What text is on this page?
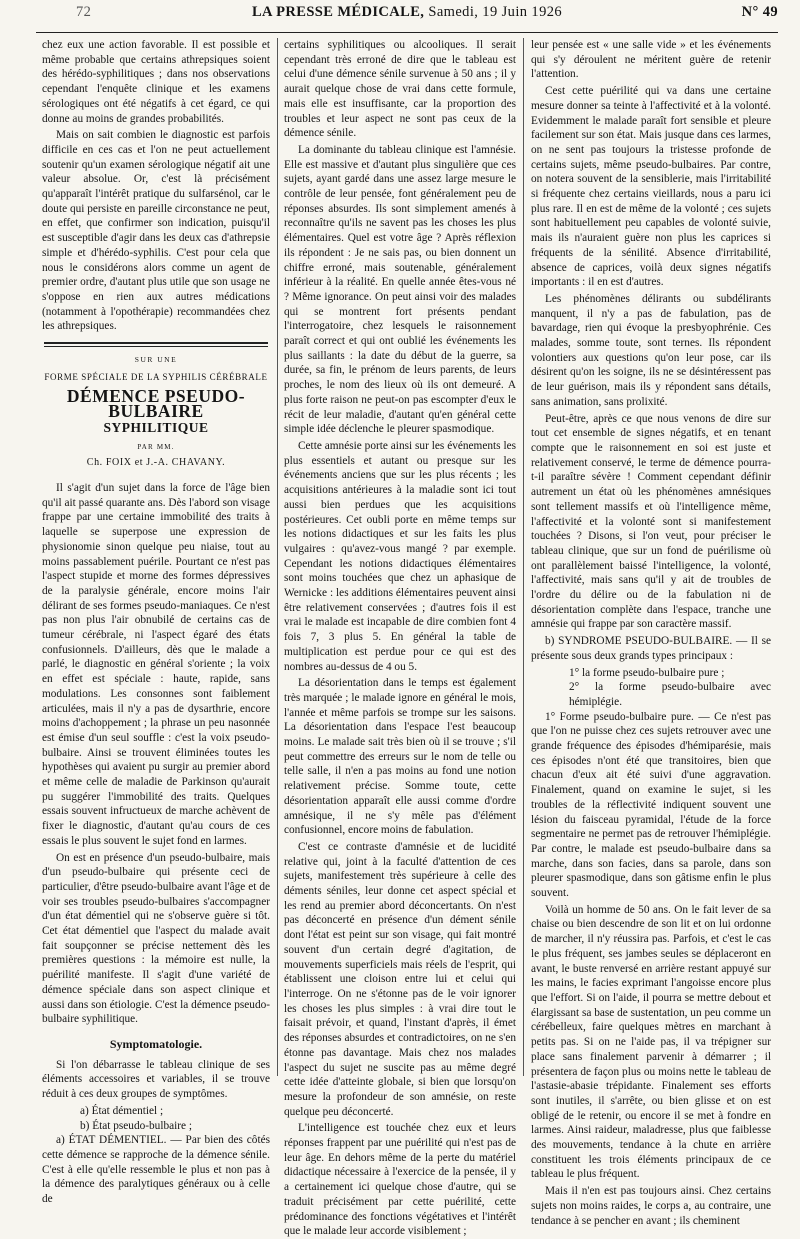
72	LA PRESSE MÉDICALE, Samedi, 19 Juin 1926	N° 49

chez eux une action favorable. Il est possible et même probable que certains athrepsiques soient des hérédo-syphilitiques ; dans nos observations cependant l'enquête clinique et les examens sérologiques ont été négatifs à cet égard, ce qui donne au moins de grandes probabilités.

Mais on sait combien le diagnostic est parfois difficile en ces cas et l'on ne peut actuellement soutenir qu'un examen sérologique négatif ait une valeur absolue. Or, c'est là précisément qu'apparaît l'intérêt pratique du sulfarsénol, car le doute qui persiste en pareille circonstance ne peut, en effet, que confirmer son indication, puisqu'il est susceptible d'agir dans les deux cas d'athrepsie simple et d'hérédo-syphilis. C'est pour cela que nous le considérons alors comme un agent de premier ordre, d'autant plus utile que son usage ne s'oppose en rien aux autres médications (notamment à l'opothérapie) recommandées chez les athrepsiques.

SUR UNE
FORME SPÉCIALE DE LA SYPHILIS CÉRÉBRALE
DÉMENCE PSEUDO-BULBAIRE
SYPHILITIQUE
PAR MM.
Ch. FOIX et J.-A. CHAVANY.

Il s'agit d'un sujet dans la force de l'âge bien qu'il ait passé quarante ans. Dès l'abord son visage frappe par une certaine immobilité des traits à laquelle se superpose une expression de physionomie sinon quelque peu niaise, tout au moins passablement puérile. Pourtant ce n'est pas l'aspect stupide et morne des formes dépressives de la paralysie générale, encore moins l'air délirant de ses formes pseudo-maniaques. Ce n'est pas non plus l'air obnubilé de certains cas de tumeur cérébrale, ni l'aspect égaré des états confusionnels. D'ailleurs, dès que le malade a parlé, le diagnostic en général s'oriente ; la voix en effet est spéciale : haute, rapide, sans modulations. Les consonnes sont faiblement articulées, mais il n'y a pas de dysarthrie, encore moins d'achoppement ; la phrase un peu nasonnée est émise d'un seul souffle : c'est la voix pseudo-bulbaire. Ainsi se trouvent éliminées toutes les hypothèses qui avaient pu surgir au premier abord et même celle de maladie de Parkinson qu'aurait pu suggérer l'immobilité des traits. Quelques essais souvent infructueux de marche achèvent de fixer le diagnostic, d'autant qu'au cours de ces essais le plus souvent le sujet fond en larmes.

On est en présence d'un pseudo-bulbaire, mais d'un pseudo-bulbaire qui présente ceci de particulier, d'être pseudo-bulbaire avant l'âge et de voir ses troubles pseudo-bulbaires s'accompagner d'un état démentiel qui ne s'observe guère si tôt. Cet état démentiel que l'aspect du malade avait fait soupçonner se précise nettement dès les premières questions : la mémoire est nulle, la puérilité manifeste. Il s'agit d'une variété de démence spéciale dans son aspect clinique et aussi dans son étiologie. C'est la démence pseudo-bulbaire syphilitique.

Symptomatologie.

Si l'on débarrasse le tableau clinique de ses éléments accessoires et variables, il se trouve réduit à ces deux groupes de symptômes.

a) État démentiel ;

b) État pseudo-bulbaire ;

a) ÉTAT DÉMENTIEL. — Par bien des côtés cette démence se rapproche de la démence sénile. C'est à elle qu'elle ressemble le plus et non pas à la démence des paralytiques généraux ou à celle de

certains syphilitiques ou alcooliques. Il serait cependant très erroné de dire que le tableau est celui d'une démence sénile survenue à 50 ans ; il y aurait quelque chose de vrai dans cette formule, mais elle est insuffisante, car la proportion des troubles et leur aspect ne sont pas ceux de la démence sénile.

La dominante du tableau clinique est l'amnésie. Elle est massive et d'autant plus singulière que ces sujets, ayant gardé dans une assez large mesure le contrôle de leur pensée, font généralement peu de réponses absurdes. Ils sont simplement amenés à reconnaître qu'ils ne savent pas les choses les plus élémentaires. Quel est votre âge ? Après réflexion ils répondent : Je ne sais pas, ou bien donnent un chiffre erroné, mais soutenable, généralement inférieur à la réalité. En quelle année êtes-vous né ? Même ignorance. On peut ainsi voir des malades qui se montrent fort présents pendant l'interrogatoire, chez lesquels le raisonnement paraît correct et qui ont oublié les événements les plus saillants : la date du début de la guerre, sa durée, sa fin, le prénom de leurs parents, de leurs proches, le nom des lieux où ils ont demeuré. A plus forte raison ne peut-on pas escompter d'eux le récit de leur maladie, d'autant qu'en général cette simple idée déclenche le pleurer spasmodique.

Cette amnésie porte ainsi sur les événements les plus essentiels et autant ou presque sur les événements anciens que sur les plus récents ; les acquisitions antérieures à la maladie sont ici tout aussi bien perdues que les acquisitions postérieures. Cet oubli porte en même temps sur les notions didactiques et sur les faits les plus vulgaires : qu'avez-vous mangé ? par exemple. Cependant les notions didactiques élémentaires sont moins touchées que chez un aphasique de Wernicke : les additions élémentaires peuvent ainsi être relativement conservées ; d'autres fois il est vrai le malade est incapable de dire combien font 4 fois 7, 3 plus 5. En général la table de multiplication est perdue pour ce qui est des nombres au-dessus de 4 ou 5.

La désorientation dans le temps est également très marquée ; le malade ignore en général le mois, l'année et même parfois se trompe sur les saisons. La désorientation dans l'espace l'est beaucoup moins. Le malade sait très bien où il se trouve ; s'il peut commettre des erreurs sur le nom de telle ou telle salle, il n'en a pas moins au fond une notion relativement précise. Somme toute, cette désorientation apparaît elle aussi comme d'ordre amnésique, il ne s'y mêle pas d'élément confusionnel, encore moins de fabulation.

C'est ce contraste d'amnésie et de lucidité relative qui, joint à la faculté d'attention de ces sujets, manifestement très supérieure à celle des déments séniles, leur donne cet aspect spécial et les rend au premier abord déconcertants. On n'est pas déconcerté en présence d'un dément sénile dont l'état est peint sur son visage, qui fait montré souvent d'un certain degré d'agitation, de mouvements superficiels mais réels de l'esprit, qui établissent une cloison entre lui et celui qui l'interroge. On ne s'étonne pas de le voir ignorer les choses les plus simples : à vrai dire tout le faisait prévoir, et quand, l'instant d'après, il émet des réponses absurdes et contradictoires, on ne s'en étonne pas davantage. Mais chez nos malades l'aspect du sujet ne suscite pas au même degré cette idée d'atteinte globale, si bien que lorsqu'on mesure la profondeur de son amnésie, on reste quelque peu déconcerté.

L'intelligence est touchée chez eux et leurs réponses frappent par une puérilité qui n'est pas de leur âge. En dehors même de la perte du matériel didactique nécessaire à l'exercice de la pensée, il y a certainement ici quelque chose d'autre, qui se traduit précisément par cette puérilité, cette prédominance des fonctions végétatives et l'intérêt que le malade leur accorde visiblement ;

leur pensée est « une salle vide » et les événements qui s'y déroulent ne méritent guère de retenir l'attention.

Cest cette puérilité qui va dans une certaine mesure donner sa teinte à l'affectivité et à la volonté. Evidemment le malade paraît fort sensible et pleure facilement sur son état. Mais jusque dans ces larmes, on ne sent pas toujours la tristesse profonde de certains sujets, même pseudo-bulbaires. Par contre, on notera souvent de la sensiblerie, mais l'irritabilité si fréquente chez certains vieillards, nous a paru ici plus rare. Il en est de même de la volonté ; ces sujets sont habituellement peu capables de volonté suivie, mais ils n'auraient guère non plus les caprices si fréquents de la sénilité. Absence d'irritabilité, absence de caprices, voilà deux signes négatifs importants : il en est d'autres.

Les phénomènes délirants ou subdélirants manquent, il n'y a pas de fabulation, pas de bavardage, rien qui évoque la presbyophrénie. Ces malades, somme toute, sont ternes. Ils répondent volontiers aux questions qu'on leur pose, car ils désirent qu'on les soigne, ils ne se désintéressent pas de leur guérison, mais ils y répondent sans détails, sans animation, sans prolixité.

Peut-être, après ce que nous venons de dire sur tout cet ensemble de signes négatifs, et en tenant compte que le raisonnement en soi est juste et relativement conservé, le terme de démence pourra-t-il paraître sévère ! Comment cependant définir autrement un état où les phénomènes amnésiques sont tellement massifs et où l'intelligence même, l'affectivité et la volonté sont si manifestement touchées ? Disons, si l'on veut, pour préciser le tableau clinique, que sur un fond de puérilisme où ont parallèlement baissé l'intelligence, la volonté, l'affectivité, mais sans qu'il y ait de troubles de l'ordre du délire ou de la fabulation ni de désorientation complète dans l'espace, tranche une amnésie qui frappe par son caractère massif.

b) SYNDROME PSEUDO-BULBAIRE. — Il se présente sous deux grands types principaux :

1° la forme pseudo-bulbaire pure ;

2° la forme pseudo-bulbaire avec hémiplégie.

1° Forme pseudo-bulbaire pure. — Ce n'est pas que l'on ne puisse chez ces sujets retrouver avec une grande fréquence des épisodes d'hémiparésie, mais ces épisodes n'ont été que transitoires, bien que chacun d'eux ait été suivi d'une aggravation. Finalement, quand on examine le sujet, si les troubles de la réflectivité indiquent souvent une lésion du faisceau pyramidal, l'étude de la force segmentaire ne permet pas de retrouver l'hémiplégie. Par contre, le malade est pseudo-bulbaire dans sa marche, dans son facies, dans sa parole, dans son pleurer spasmodique, dans son gâtisme enfin le plus souvent.

Voilà un homme de 50 ans. On le fait lever de sa chaise ou bien descendre de son lit et on lui ordonne de marcher, il n'y réussira pas. Parfois, et c'est le cas le plus fréquent, ses jambes seules se déplaceront en avant, le buste renversé en arrière restant appuyé sur les mains, le facies exprimant l'angoisse encore plus que l'effort. Si on l'aide, il pourra se mettre debout et élargissant sa base de sustentation, un peu comme un cérébelleux, faire quelques mètres en marchant à petits pas. Si on ne l'aide pas, il va trépigner sur place sans finalement parvenir à démarrer ; il présentera de façon plus ou moins nette le tableau de l'astasie-abasie trépidante. Finalement ses efforts sont inutiles, il s'arrête, ou bien glisse et on est obligé de le retenir, ou encore il se met à fondre en larmes. Ainsi raideur, maladresse, plus que faiblesse des mouvements, tendance à la chute en arrière constituent les trois éléments principaux de ce tableau le plus fréquent.

Mais il n'en est pas toujours ainsi. Chez certains sujets non moins raides, le corps a, au contraire, une tendance à se pencher en avant ; ils cheminent
